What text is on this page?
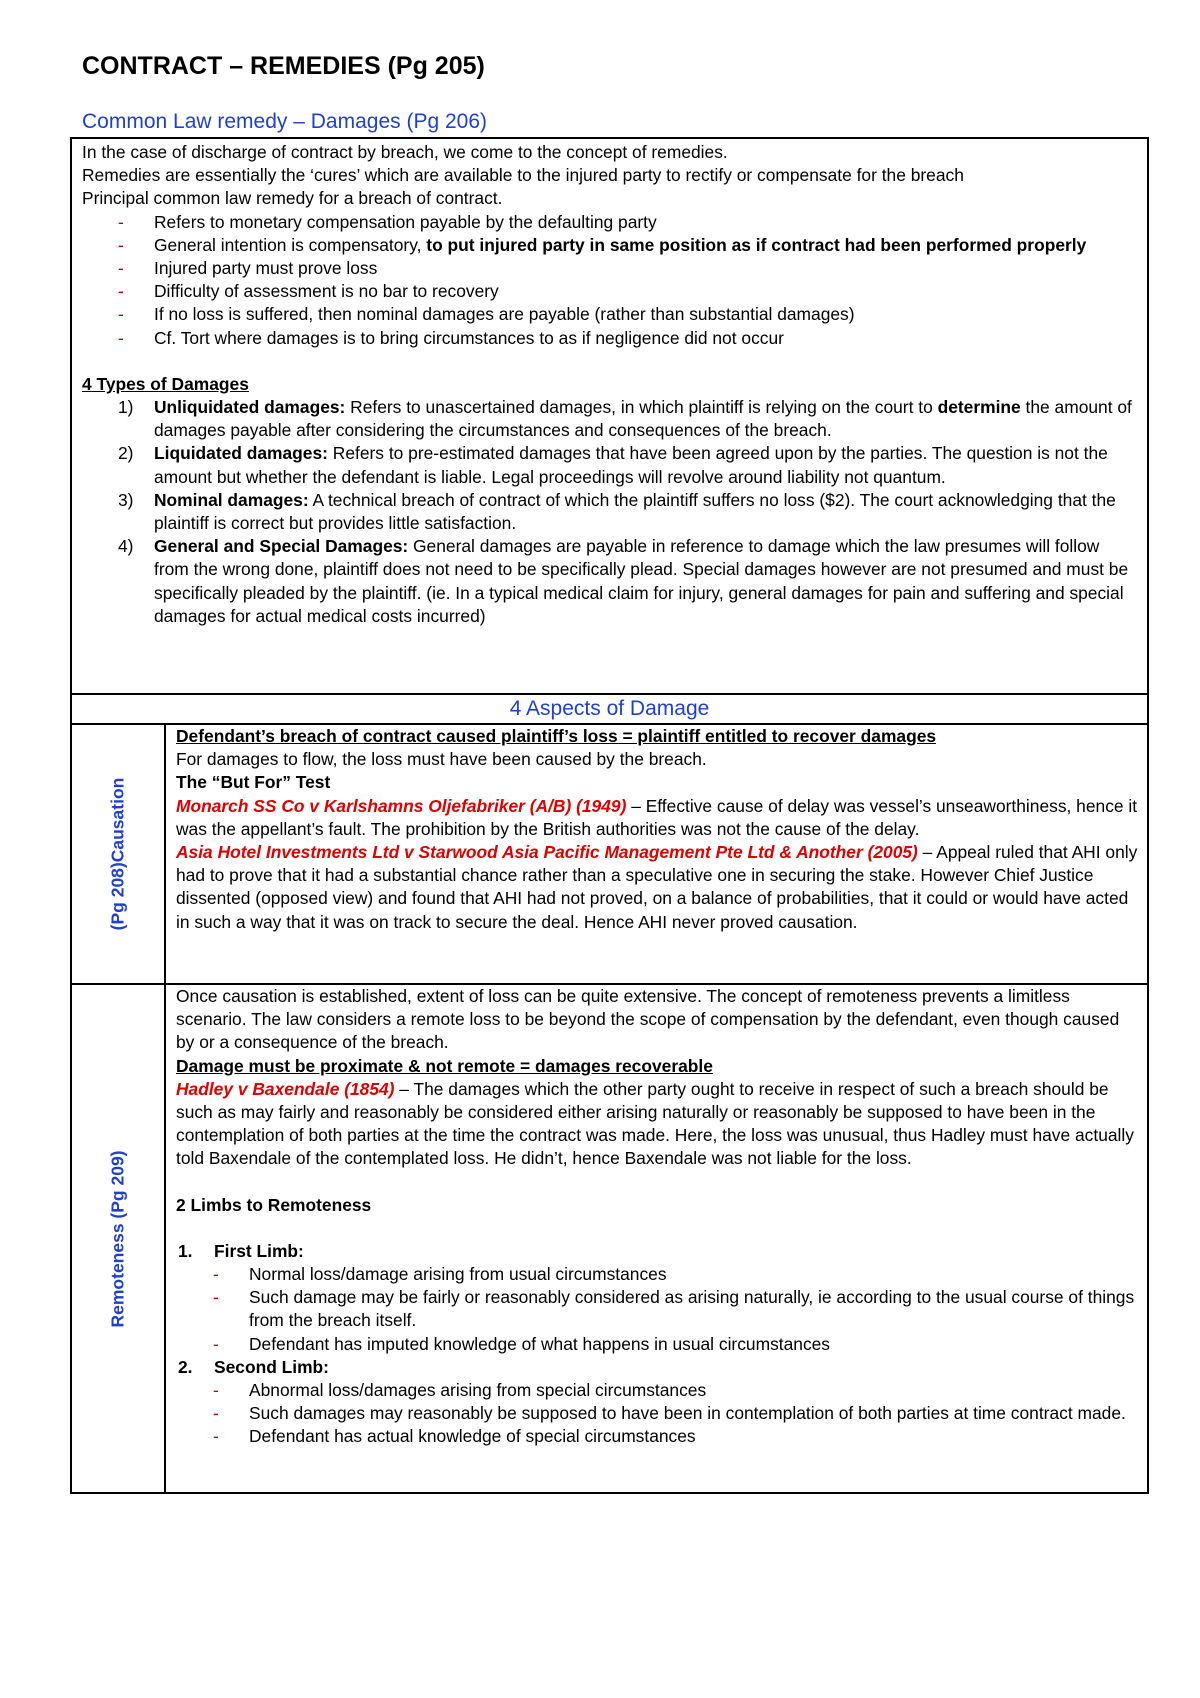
CONTRACT – REMEDIES (Pg 205)
Common Law remedy – Damages (Pg 206)

In the case of discharge of contract by breach, we come to the concept of remedies.

Remedies are essentially the ‘cures’ which are available to the injured party to rectify or compensate for the breach

Principal common law remedy for a breach of contract.

- Refers to monetary compensation payable by the defaulting party
- General intention is compensatory, to put injured party in same position as if contract had been performed properly
- Injured party must prove loss
- Difficulty of assessment is no bar to recovery
- If no loss is suffered, then nominal damages are payable (rather than substantial damages)
- Cf. Tort where damages is to bring circumstances to as if negligence did not occur

4 Types of Damages

1) Unliquidated damages: Refers to unascertained damages, in which plaintiff is relying on the court to determine the amount of damages payable after considering the circumstances and consequences of the breach.
2) Liquidated damages: Refers to pre-estimated damages that have been agreed upon by the parties. The question is not the amount but whether the defendant is liable. Legal proceedings will revolve around liability not quantum.
3) Nominal damages: A technical breach of contract of which the plaintiff suffers no loss ($2). The court acknowledging that the plaintiff is correct but provides little satisfaction.
4) General and Special Damages: General damages are payable in reference to damage which the law presumes will follow from the wrong done, plaintiff does not need to be specifically plead. Special damages however are not presumed and must be specifically pleaded by the plaintiff. (ie. In a typical medical claim for injury, general damages for pain and suffering and special damages for actual medical costs incurred)
4 Aspects of Damage
(Pg 208)Causation

Defendant’s breach of contract caused plaintiff’s loss = plaintiff entitled to recover damages

For damages to flow, the loss must have been caused by the breach.

The “But For” Test

Monarch SS Co v Karlshamns Oljefabriker (A/B) (1949) – Effective cause of delay was vessel’s unseaworthiness, hence it was the appellant’s fault. The prohibition by the British authorities was not the cause of the delay.

Asia Hotel Investments Ltd v Starwood Asia Pacific Management Pte Ltd & Another (2005) – Appeal ruled that AHI only had to prove that it had a substantial chance rather than a speculative one in securing the stake. However Chief Justice dissented (opposed view) and found that AHI had not proved, on a balance of probabilities, that it could or would have acted in such a way that it was on track to secure the deal. Hence AHI never proved causation.

Remoteness (Pg 209)

Once causation is established, extent of loss can be quite extensive. The concept of remoteness prevents a limitless scenario. The law considers a remote loss to be beyond the scope of compensation by the defendant, even though caused by or a consequence of the breach.

Damage must be proximate & not remote = damages recoverable

Hadley v Baxendale (1854) – The damages which the other party ought to receive in respect of such a breach should be such as may fairly and reasonably be considered either arising naturally or reasonably be supposed to have been in the contemplation of both parties at the time the contract was made. Here, the loss was unusual, thus Hadley must have actually told Baxendale of the contemplated loss. He didn’t, hence Baxendale was not liable for the loss.

2 Limbs to Remoteness

1. First Limb:
- Normal loss/damage arising from usual circumstances
- Such damage may be fairly or reasonably considered as arising naturally, ie according to the usual course of things from the breach itself.
- Defendant has imputed knowledge of what happens in usual circumstances
2. Second Limb:
- Abnormal loss/damages arising from special circumstances
- Such damages may reasonably be supposed to have been in contemplation of both parties at time contract made.
- Defendant has actual knowledge of special circumstances
